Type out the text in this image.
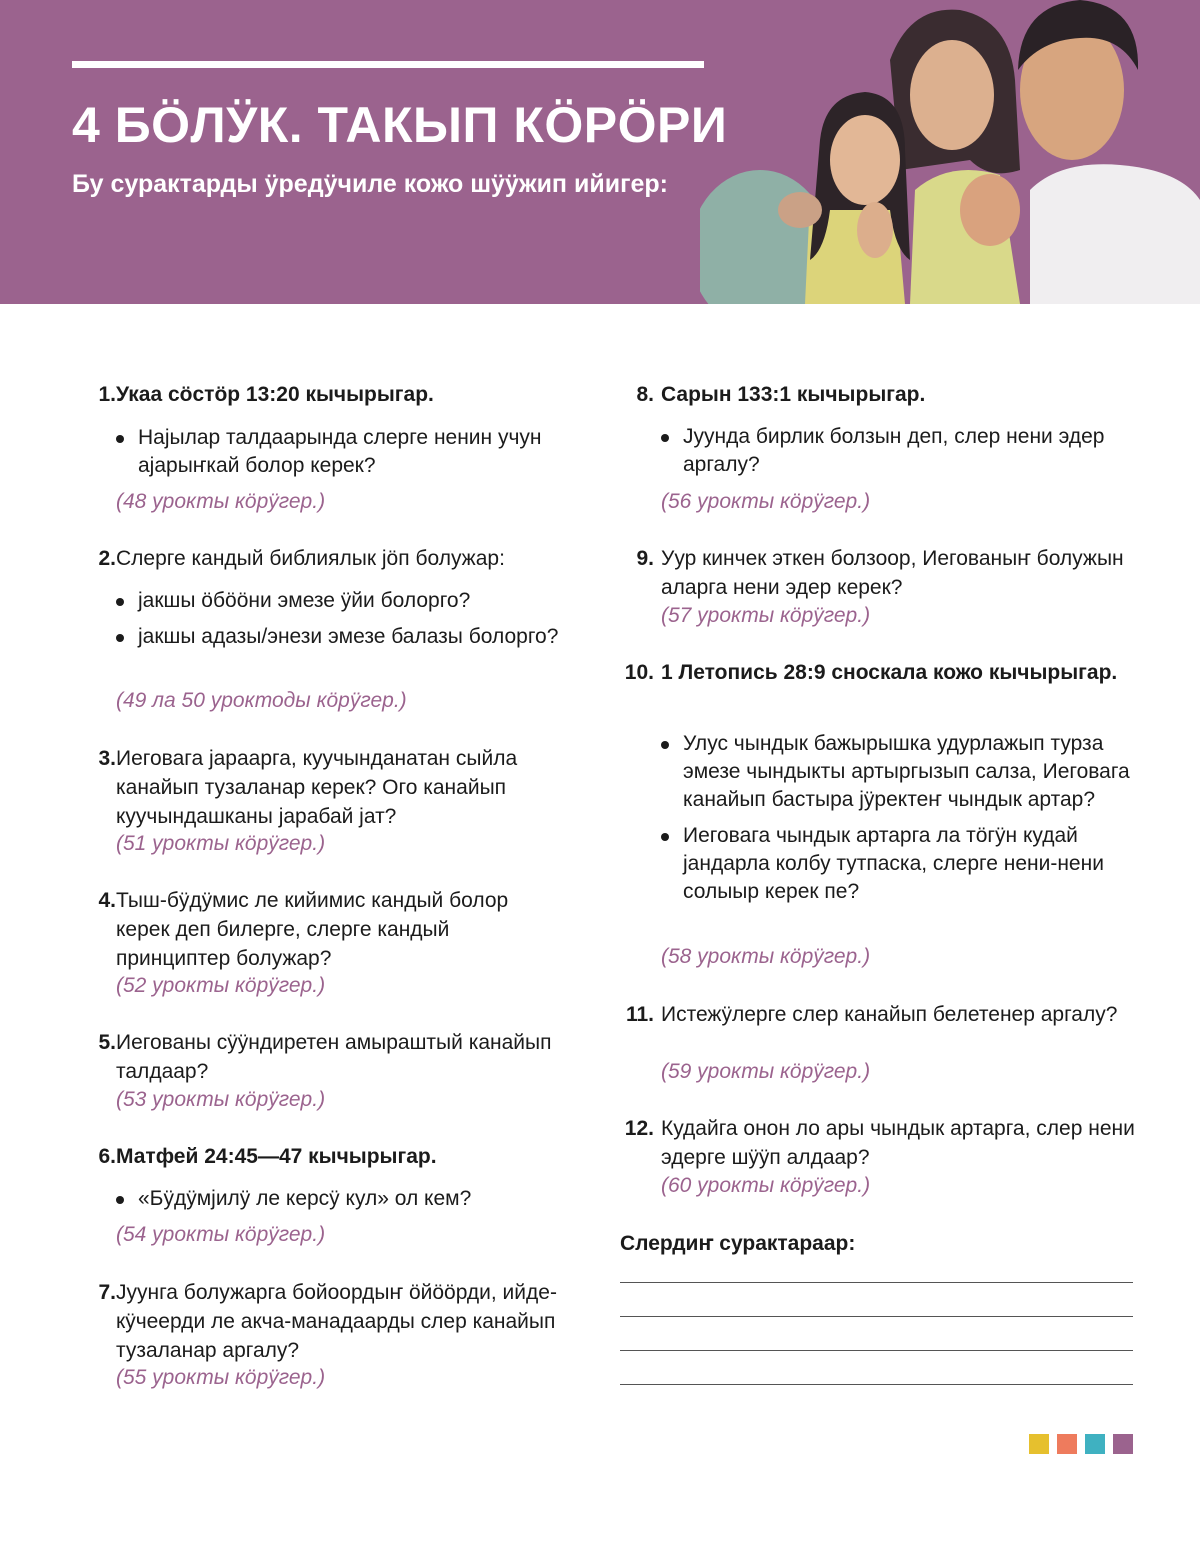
4 БӦЛӰК. ТАКЫП КӦРӦРИ

Бу сурактарды ӱредӱчиле кожо шӱӱжип ийигер:

1. Укаа сӧстӧр 13:20 кычырыгар.

Најылар талдаарында слерге ненин учун ајарыҥкай болор керек?
(48 урокты кӧрӱгер.)
2. Слерге кандый библиялык јӧп болужар:

јакшы ӧбӧӧни эмезе ӱйи болорго?
јакшы адазы/энези эмезе балазы болорго?
(49 ла 50 уроктоды кӧрӱгер.)
3. Иеговага јараарга, куучынданатан сыйла канайып тузаланар керек? Ого канайып куучындашканы јарабай јат?

(51 урокты кӧрӱгер.)
4. Тыш-бӱдӱмис ле кийимис кандый болор керек деп билерге, слерге кандый принциптер болужар?

(52 урокты кӧрӱгер.)
5. Иегованы сӱӱндиретен амыраштый канайып талдаар?

(53 урокты кӧрӱгер.)
6. Матфей 24:45—47 кычырыгар.

«Бӱдӱмјилӱ ле керсӱ кул» ол кем?
(54 урокты кӧрӱгер.)
7. Јуунга болужарга бойоордыҥ ӧйӧӧрди, ийде-кӱчеерди ле акча-манадаарды слер канайып тузаланар аргалу?

(55 урокты кӧрӱгер.)
8. Сарын 133:1 кычырыгар.

Јуунда бирлик болзын деп, слер нени эдер аргалу?
(56 урокты кӧрӱгер.)
9. Уур кинчек эткен болзоор, Иегованыҥ болужын аларга нени эдер керек?

(57 урокты кӧрӱгер.)
10. 1 Летопись 28:9 сноскала кожо кычырыгар.

Улус чындык бажырышка удурлажып турза эмезе чындыкты артыргызып салза, Иеговага канайып бастыра јӱректеҥ чындык артар?
Иеговага чындык артарга ла тӧгӱн кудай јандарла колбу тутпаска, слерге нени-нени солыыр керек пе?
(58 урокты кӧрӱгер.)
11. Истежӱлерге слер канайып белетенер аргалу?

(59 урокты кӧрӱгер.)
12. Кудайга онон ло ары чындык артарга, слер нени эдерге шӱӱп алдаар?

(60 урокты кӧрӱгер.)
Слердиҥ сурактараар:
